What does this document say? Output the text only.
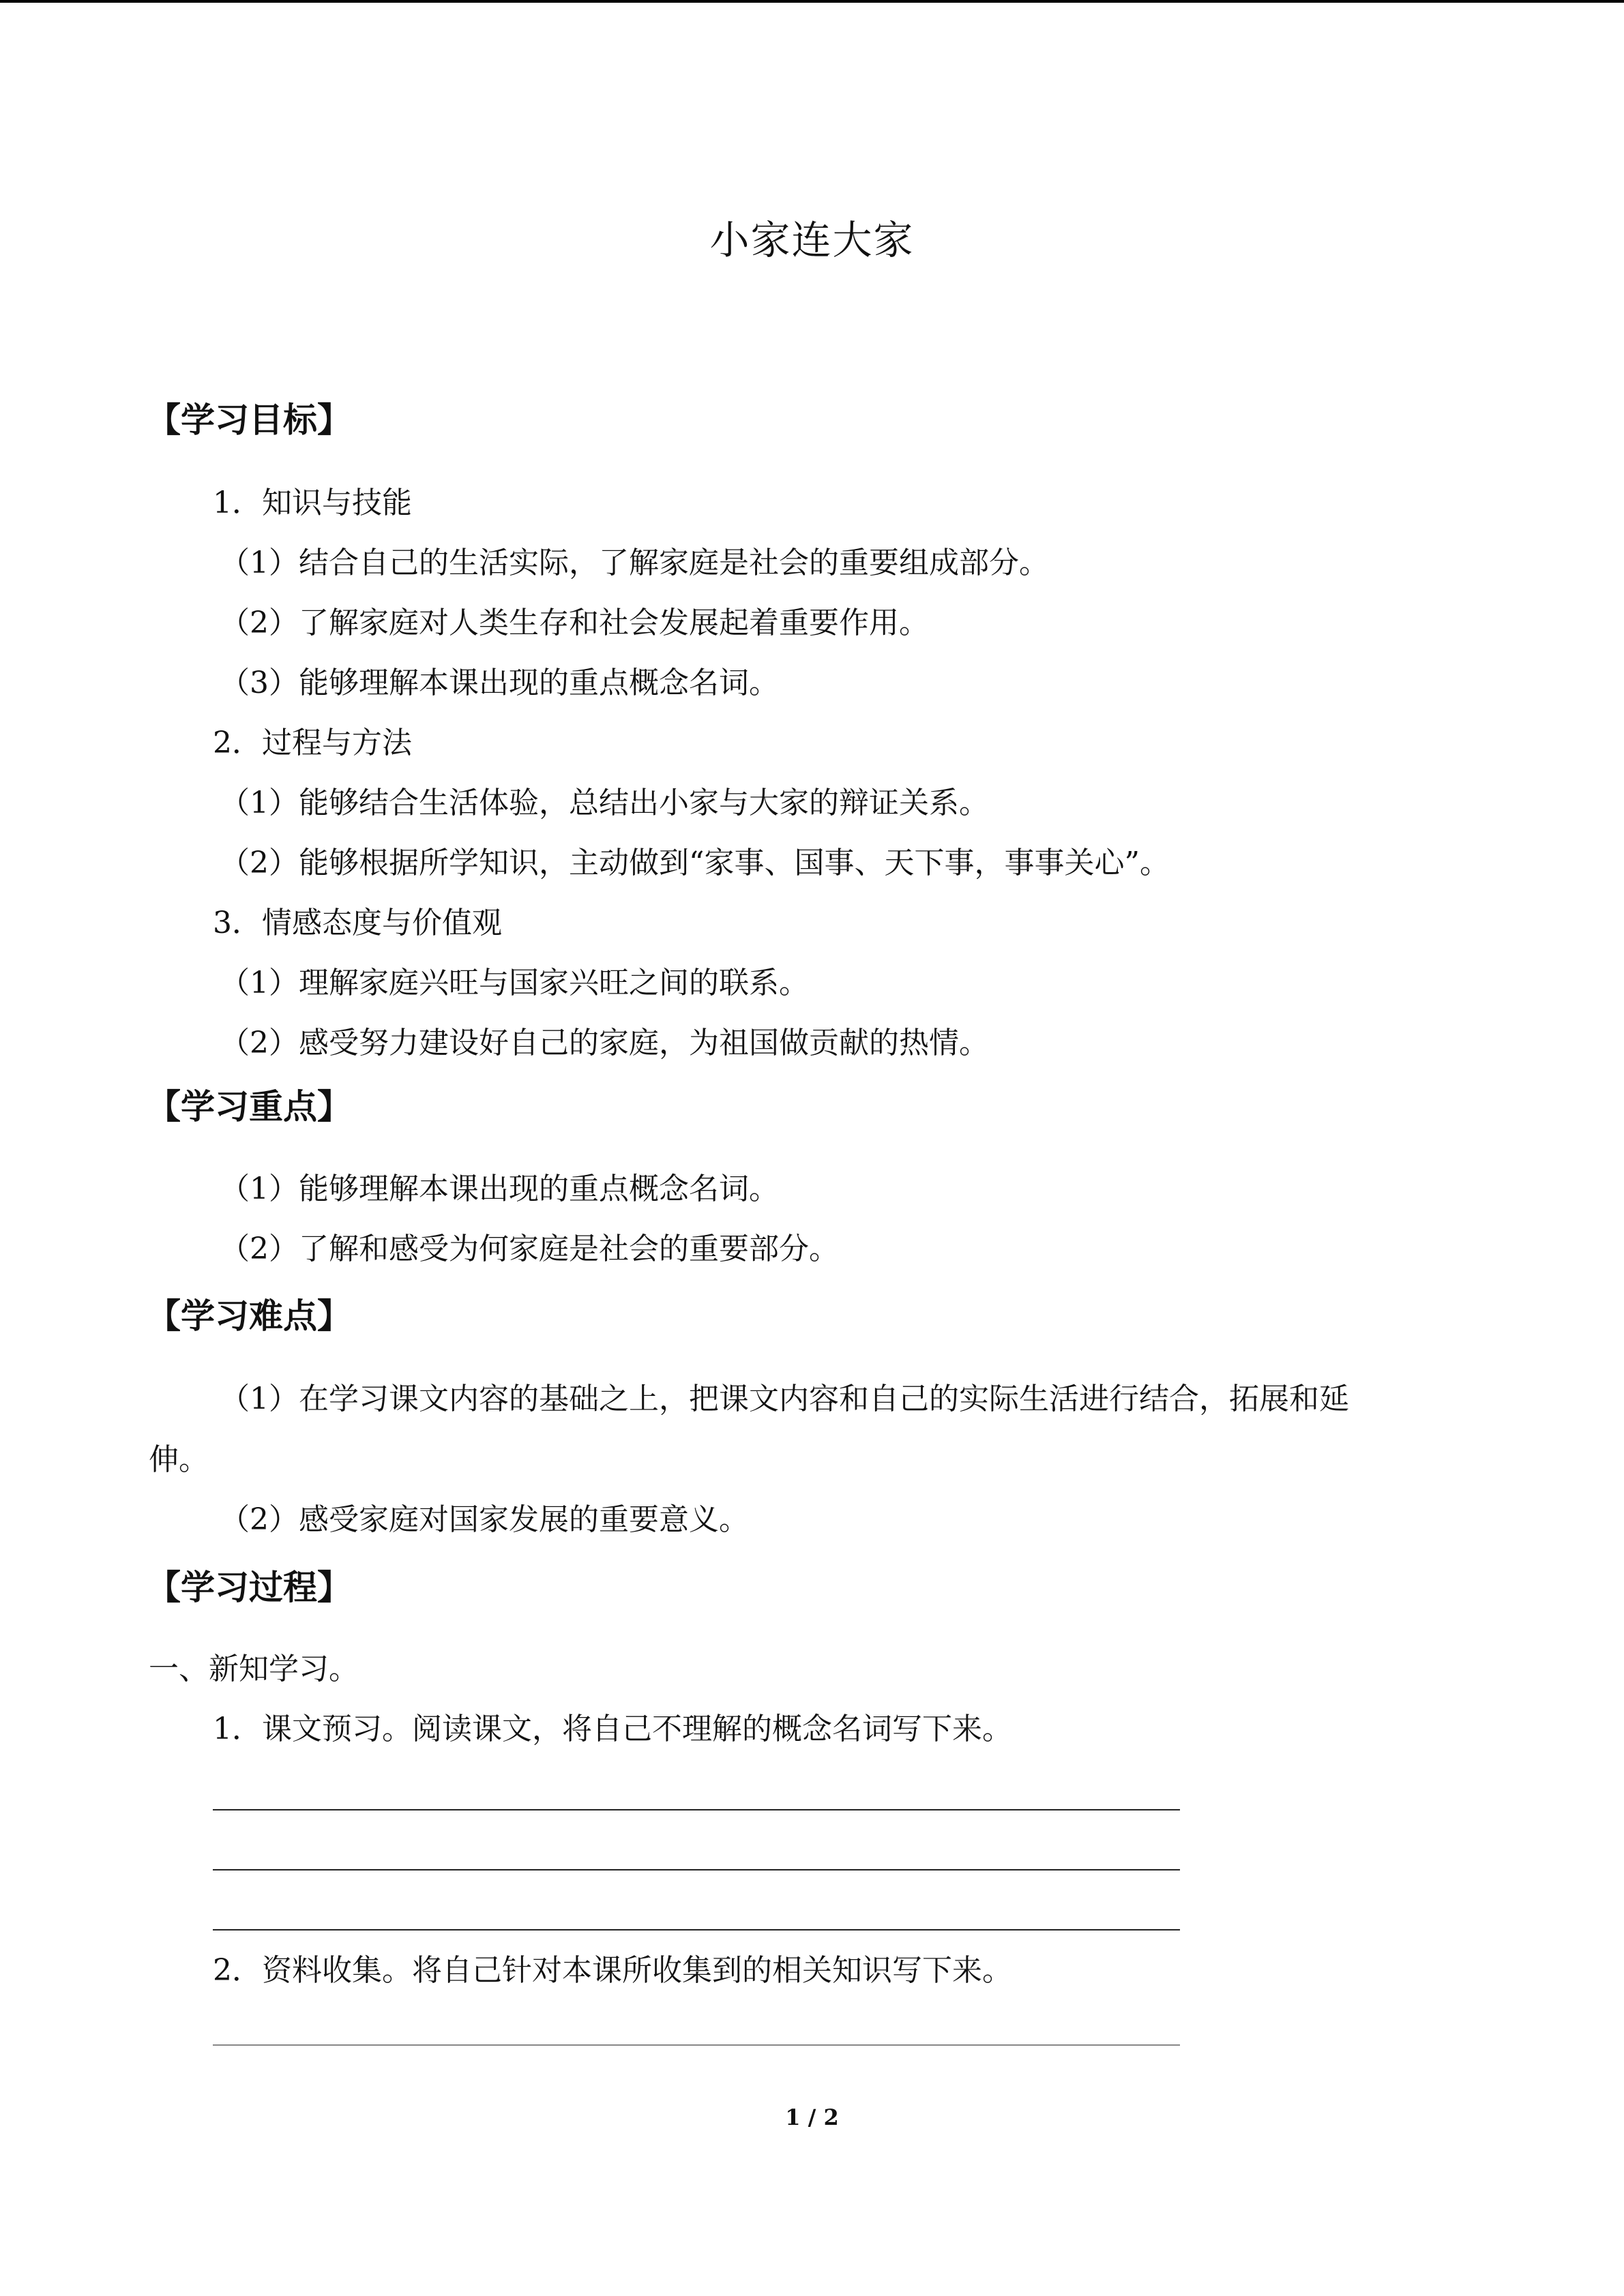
小家连大家
【学习目标】
1．知识与技能
（1）结合自己的生活实际，了解家庭是社会的重要组成部分。
（2）了解家庭对人类生存和社会发展起着重要作用。
（3）能够理解本课出现的重点概念名词。
2．过程与方法
（1）能够结合生活体验，总结出小家与大家的辩证关系。
（2）能够根据所学知识，主动做到“家事、国事、天下事，事事关心”。
3．情感态度与价值观
（1）理解家庭兴旺与国家兴旺之间的联系。
（2）感受努力建设好自己的家庭，为祖国做贡献的热情。
【学习重点】
（1）能够理解本课出现的重点概念名词。
（2）了解和感受为何家庭是社会的重要部分。
【学习难点】
（1）在学习课文内容的基础之上，把课文内容和自己的实际生活进行结合，拓展和延
伸。
（2）感受家庭对国家发展的重要意义。
【学习过程】
一、新知学习。
1．课文预习。阅读课文，将自己不理解的概念名词写下来。
2．资料收集。将自己针对本课所收集到的相关知识写下来。
1 / 2
